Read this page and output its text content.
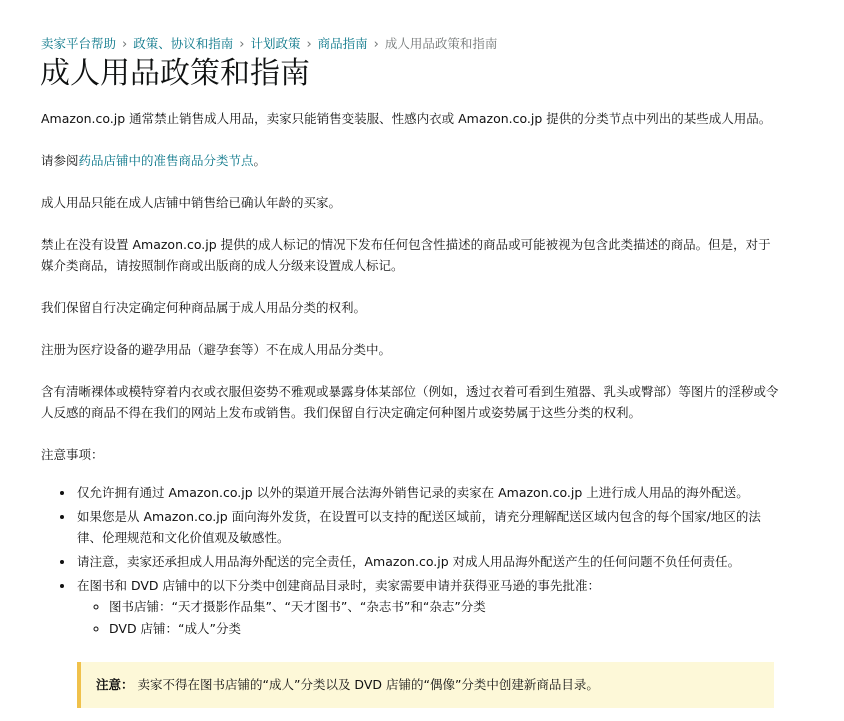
卖家平台帮助 › 政策、协议和指南 › 计划政策 › 商品指南 › 成人用品政策和指南
成人用品政策和指南

Amazon.co.jp 通常禁止销售成人用品，卖家只能销售变装服、性感内衣或 Amazon.co.jp 提供的分类节点中列出的某些成人用品。

请参阅药品店铺中的准售商品分类节点。

成人用品只能在成人店铺中销售给已确认年龄的买家。

禁止在没有设置 Amazon.co.jp 提供的成人标记的情况下发布任何包含性描述的商品或可能被视为包含此类描述的商品。但是，对于媒介类商品，请按照制作商或出版商的成人分级来设置成人标记。

我们保留自行决定确定何种商品属于成人用品分类的权利。

注册为医疗设备的避孕用品（避孕套等）不在成人用品分类中。

含有清晰裸体或模特穿着内衣或衣服但姿势不雅观或暴露身体某部位（例如，透过衣着可看到生殖器、乳头或臀部）等图片的淫秽或令人反感的商品不得在我们的网站上发布或销售。我们保留自行决定确定何种图片或姿势属于这些分类的权利。

注意事项：

• 仅允许拥有通过 Amazon.co.jp 以外的渠道开展合法海外销售记录的卖家在 Amazon.co.jp 上进行成人用品的海外配送。
• 如果您是从 Amazon.co.jp 面向海外发货，在设置可以支持的配送区域前，请充分理解配送区域内包含的每个国家/地区的法律、伦理规范和文化价值观及敏感性。
• 请注意，卖家还承担成人用品海外配送的完全责任，Amazon.co.jp 对成人用品海外配送产生的任何问题不负任何责任。
• 在图书和 DVD 店铺中的以下分类中创建商品目录时，卖家需要申请并获得亚马逊的事先批准：
◦ 图书店铺：“天才摄影作品集”、“天才图书”、“杂志书”和“杂志”分类
◦ DVD 店铺：“成人”分类
注意： 卖家不得在图书店铺的“成人”分类以及 DVD 店铺的“偶像”分类中创建新商品目录。
